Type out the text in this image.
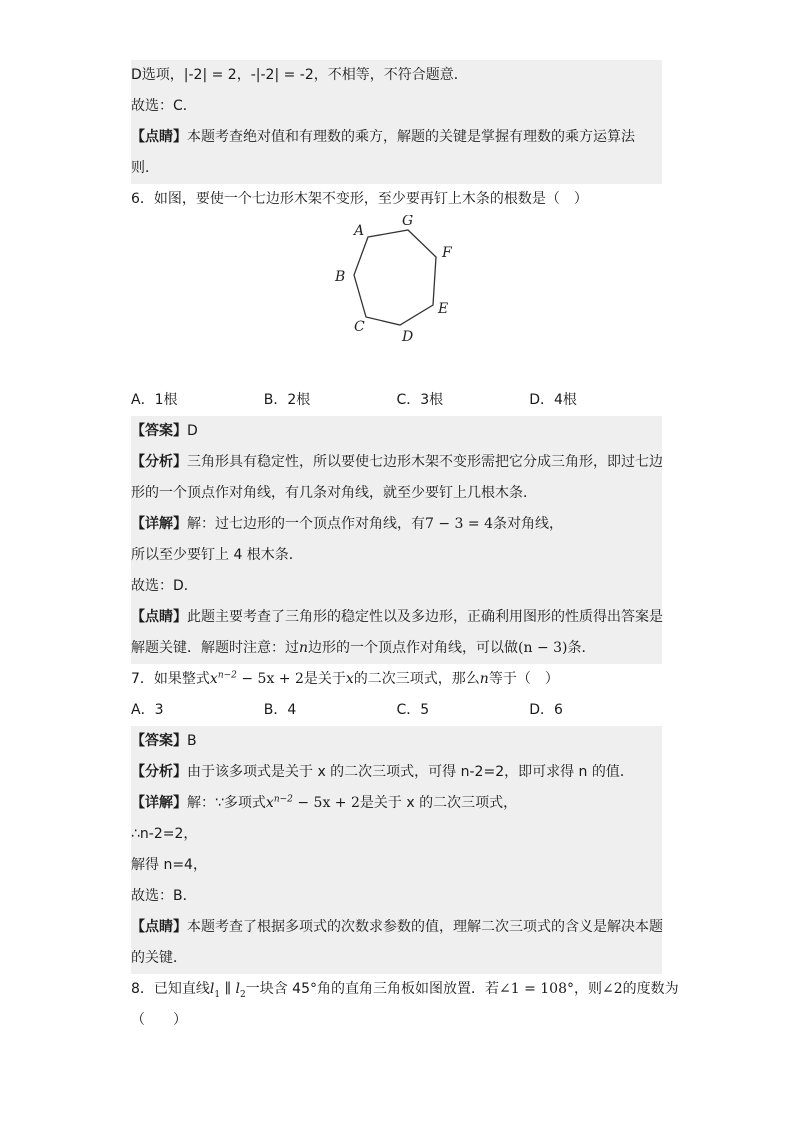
D选项，|-2| = 2，-|-2| = -2，不相等，不符合题意．
故选：C．
【点睛】本题考查绝对值和有理数的乘方，解题的关键是掌握有理数的乘方运算法
则．
6．如图，要使一个七边形木架不变形，至少要再钉上木条的根数是（　）
A
G
F
E
D
C
B
A．1根	B．2根	C．3根	D．4根
【答案】D
【分析】三角形具有稳定性，所以要使七边形木架不变形需把它分成三角形，即过七边
形的一个顶点作对角线，有几条对角线，就至少要钉上几根木条．
【详解】解：过七边形的一个顶点作对角线，有7 − 3 = 4条对角线，
所以至少要钉上 4 根木条．
故选：D．
【点睛】此题主要考查了三角形的稳定性以及多边形，正确利用图形的性质得出答案是
解题关键．解题时注意：过n边形的一个顶点作对角线，可以做(n − 3)条．
7．如果整式$x^{n-2} - 5x + 2$是关于x的二次三项式，那么n等于（　）
A．3	B．4	C．5	D．6
【答案】B
【分析】由于该多项式是关于 x 的二次三项式，可得 n-2=2，即可求得 n 的值．
【详解】解：∵多项式$x^{n-2} - 5x + 2$是关于 x 的二次三项式，
∴n-2=2，
解得 n=4，
故选：B．
【点睛】本题考查了根据多项式的次数求参数的值，理解二次三项式的含义是解决本题
的关键．
8．已知直线$l_1$ ∥ $l_2$一块含 45°角的直角三角板如图放置．若∠1 = 108°，则∠2的度数为
（　　）
